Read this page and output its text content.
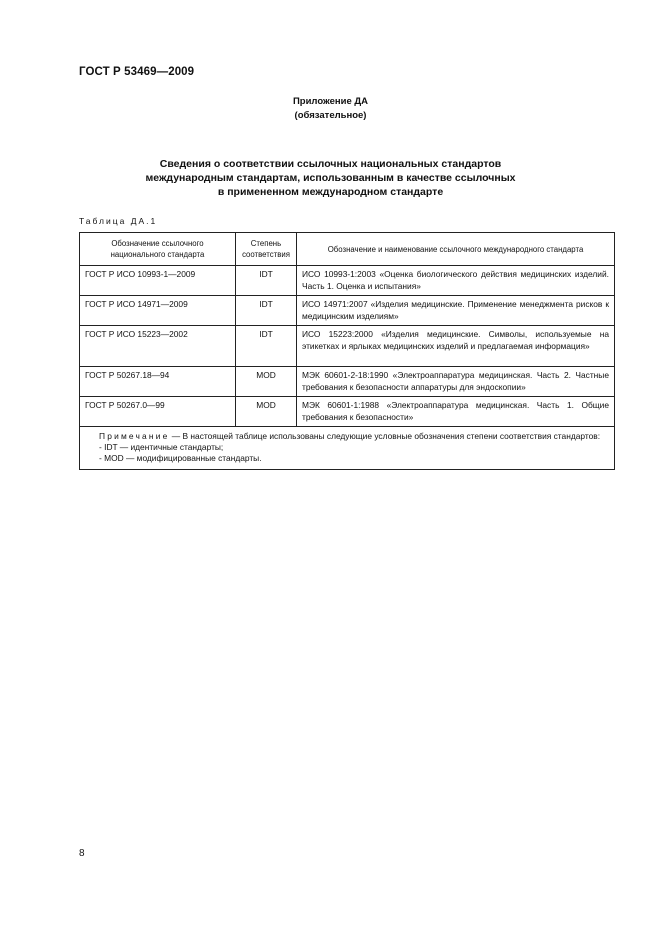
ГОСТ Р 53469—2009
Приложение ДА
(обязательное)
Сведения о соответствии ссылочных национальных стандартов
международным стандартам, использованным в качестве ссылочных
в примененном международном стандарте
Таблица ДА.1
Обозначение ссылочного национального стандарта	Степень соответствия	Обозначение и наименование ссылочного международного стандарта
ГОСТ Р ИСО 10993-1—2009	IDT	ИСО 10993-1:2003 «Оценка биологического действия медицинских изделий. Часть 1. Оценка и испытания»
ГОСТ Р ИСО 14971—2009	IDT	ИСО 14971:2007 «Изделия медицинские. Применение менеджмента рисков к медицинским изделиям»
ГОСТ Р ИСО 15223—2002	IDT	ИСО 15223:2000 «Изделия медицинские. Символы, используемые на этикетках и ярлыках медицинских изделий и предлагаемая информация»
ГОСТ Р 50267.18—94	MOD	МЭК 60601-2-18:1990 «Электроаппаратура медицинская. Часть 2. Частные требования к безопасности аппаратуры для эндоскопии»
ГОСТ Р 50267.0—99	MOD	МЭК 60601-1:1988 «Электроаппаратура медицинская. Часть 1. Общие требования к безопасности»

Примечание — В настоящей таблице использованы следующие условные обозначения степени соответствия стандартов:
- IDT — идентичные стандарты;
- MOD — модифицированные стандарты.		
8
